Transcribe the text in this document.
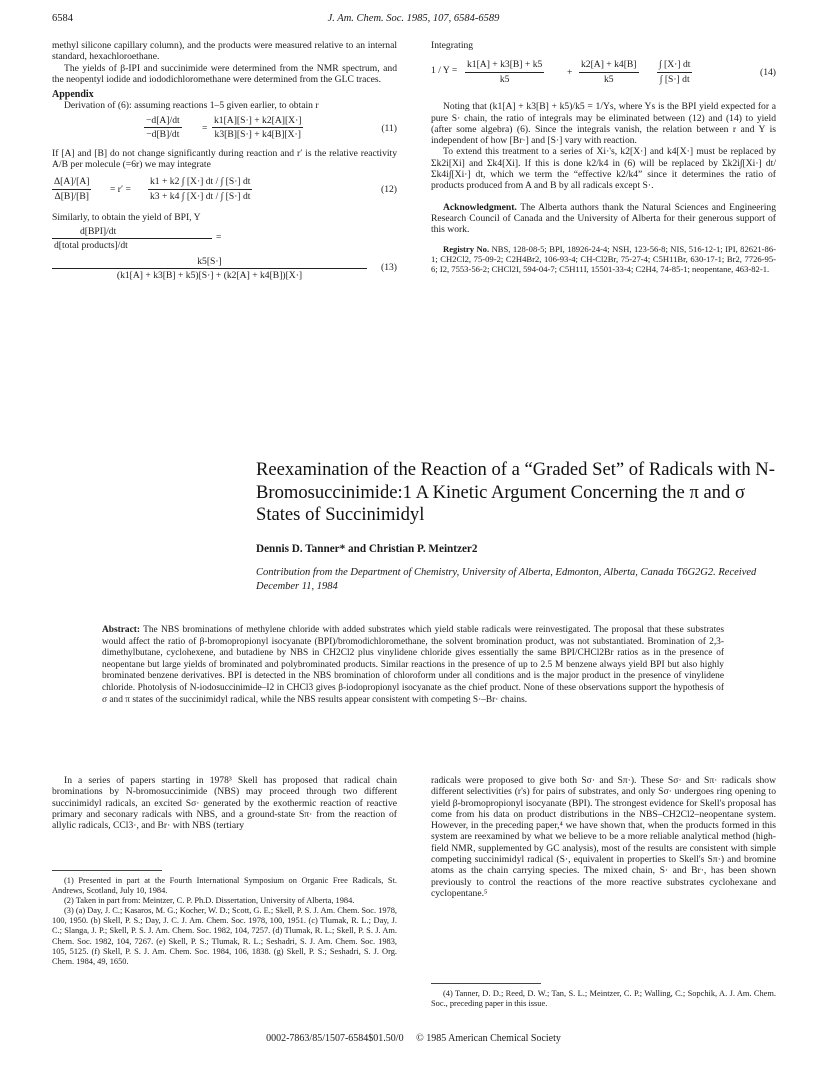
6584	J. Am. Chem. Soc. 1985, 107, 6584-6589

methyl silicone capillary column), and the products were measured relative to an internal standard, hexachloroethane.

The yields of β-IPI and succinimide were determined from the NMR spectrum, and the neopentyl iodide and iododichloromethane were determined from the GLC traces.

Appendix

Derivation of (6): assuming reactions 1–5 given earlier, to obtain r

$\frac{-d[A]/dt}{-d[B]/dt} = \frac{k1[A][S\cdot] + k2[A][X\cdot]}{k3[B][S\cdot] + k4[B][X\cdot]}$	(11)

If [A] and [B] do not change significantly during reaction and r′ is the relative reactivity A/B per molecule (=6r) we may integrate

$\frac{\Delta[A]/[A]}{\Delta[B]/[B]} = r' = \frac{k1 + k2 \int [X\cdot] dt / \int [S\cdot] dt}{k3 + k4 \int [X\cdot] dt / \int [S\cdot] dt}$	(12)

Similarly, to obtain the yield of BPI, Y

d[BPI]/dt
d[total products]/dt
=
$\frac{k5[S\cdot]}{(k1[A] + k3[B] + k5)[S\cdot] + (k2[A] + k4[B])[X\cdot]} (13)$

Integrating

$1 / Y = \frac{k1[A] + k3[B] + k5}{k5} + \frac{k2[A] + k4[B]}{k5} \frac{\int [X\cdot] dt}{\int [S\cdot] dt}$	(14)

Noting that (k1[A] + k3[B] + k5)/k5 = 1/Ys, where Ys is the BPI yield expected for a pure S· chain, the ratio of integrals may be eliminated between (12) and (14) to yield (after some algebra) (6). Since the integrals vanish, the relation between r and Y is independent of how [Br·] and [S·] vary with reaction.

To extend this treatment to a series of Xi·'s, k2[X·] and k4[X·] must be replaced by Σk2i[Xi] and Σk4[Xi]. If this is done k2/k4 in (6) will be replaced by Σk2i∫[Xi·] dt/Σk4i∫[Xi·] dt, which we term the “effective k2/k4” since it determines the ratio of products produced from A and B by all radicals except S·.

Acknowledgment. The Alberta authors thank the Natural Sciences and Engineering Research Council of Canada and the University of Alberta for their generous support of this work.

Registry No. NBS, 128-08-5; BPI, 18926-24-4; NSH, 123-56-8; NIS, 516-12-1; IPI, 82621-86-1; CH2Cl2, 75-09-2; C2H4Br2, 106-93-4; CH-Cl2Br, 75-27-4; C5H11Br, 630-17-1; Br2, 7726-95-6; I2, 7553-56-2; CHCl2I, 594-04-7; C5H11I, 15501-33-4; C2H4, 74-85-1; neopentane, 463-82-1.

Reexamination of the Reaction of a “Graded Set” of Radicals with N-Bromosuccinimide:1 A Kinetic Argument Concerning the π and σ States of Succinimidyl
Dennis D. Tanner* and Christian P. Meintzer2
Contribution from the Department of Chemistry, University of Alberta, Edmonton, Alberta, Canada T6G2G2. Received December 11, 1984
Abstract: The NBS brominations of methylene chloride with added substrates which yield stable radicals were reinvestigated. The proposal that these substrates would affect the ratio of β-bromopropionyl isocyanate (BPI)/bromodichloromethane, the solvent bromination product, was not substantiated. Bromination of 2,3-dimethylbutane, cyclohexene, and butadiene by NBS in CH2Cl2 plus vinylidene chloride gives essentially the same BPI/CHCl2Br ratios as in the presence of neopentane but large yields of brominated and polybrominated products. Similar reactions in the presence of up to 2.5 M benzene always yield BPI but also highly brominated benzene derivatives. BPI is detected in the NBS bromination of chloroform under all conditions and is the major product in the presence of vinylidene chloride. Photolysis of N-iodosuccinimide–I2 in CHCl3 gives β-iodopropionyl isocyanate as the chief product. None of these observations support the hypothesis of σ and π states of the succinimidyl radical, while the NBS results appear consistent with competing S·–Br· chains.
In a series of papers starting in 1978³ Skell has proposed that radical chain brominations by N-bromosuccinimide (NBS) may proceed through two different succinimidyl radicals, an excited Sσ· generated by the exothermic reaction of reactive primary and seconary radicals with NBS, and a ground-state Sπ· from the reaction of allylic radicals, CCl3·, and Br· with NBS (tertiary
radicals were proposed to give both Sσ· and Sπ·). These Sσ· and Sπ· radicals show different selectivities (r's) for pairs of substrates, and only Sσ· undergoes ring opening to yield β-bromopropionyl isocyanate (BPI). The strongest evidence for Skell's proposal has come from his data on product distributions in the NBS–CH2Cl2–neopentane system. However, in the preceding paper,⁴ we have shown that, when the products formed in this system are reexamined by what we believe to be a more reliable analytical method (high-field NMR, supplemented by GC analysis), most of the results are consistent with simple competing succinimidyl radical (S·, equivalent in properties to Skell's Sπ·) and bromine atoms as the chain carrying species. The mixed chain, S· and Br·, has been shown previously to control the reactions of the more reactive substrates cyclohexane and cyclopentane.⁵
(1) Presented in part at the Fourth International Symposium on Organic Free Radicals, St. Andrews, Scotland, July 10, 1984.
(2) Taken in part from: Meintzer, C. P. Ph.D. Dissertation, University of Alberta, 1984.
(3) (a) Day, J. C.; Kasaros, M. G.; Kocher, W. D.; Scott, G. E.; Skell, P. S. J. Am. Chem. Soc. 1978, 100, 1950. (b) Skell, P. S.; Day, J. C. J. Am. Chem. Soc. 1978, 100, 1951. (c) Tlumak, R. L.; Day, J. C.; Slanga, J. P.; Skell, P. S. J. Am. Chem. Soc. 1982, 104, 7257. (d) Tlumak, R. L.; Skell, P. S. J. Am. Chem. Soc. 1982, 104, 7267. (e) Skell, P. S.; Tlumak, R. L.; Seshadri, S. J. Am. Chem. Soc. 1983, 105, 5125. (f) Skell, P. S. J. Am. Chem. Soc. 1984, 106, 1838. (g) Skell, P. S.; Seshadri, S. J. Org. Chem. 1984, 49, 1650.
(4) Tanner, D. D.; Reed, D. W.; Tan, S. L.; Meintzer, C. P.; Walling, C.; Sopchik, A. J. Am. Chem. Soc., preceding paper in this issue.
0002-7863/85/1507-6584$01.50/0 © 1985 American Chemical Society
